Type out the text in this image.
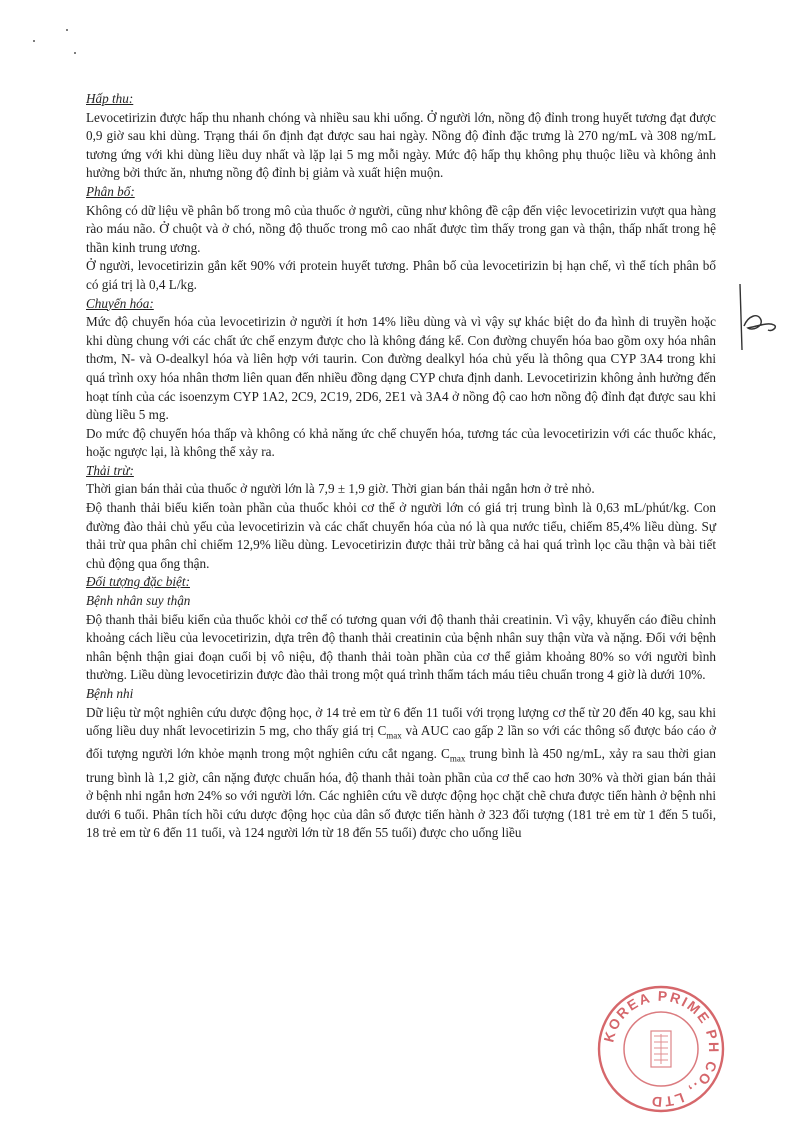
Hấp thu:

Levocetirizin được hấp thu nhanh chóng và nhiều sau khi uống. Ở người lớn, nồng độ đỉnh trong huyết tương đạt được 0,9 giờ sau khi dùng. Trạng thái ổn định đạt được sau hai ngày. Nồng độ đỉnh đặc trưng là 270 ng/mL và 308 ng/mL tương ứng với khi dùng liều duy nhất và lặp lại 5 mg mỗi ngày. Mức độ hấp thụ không phụ thuộc liều và không ảnh hưởng bởi thức ăn, nhưng nồng độ đỉnh bị giảm và xuất hiện muộn.

Phân bố:

Không có dữ liệu về phân bố trong mô của thuốc ở người, cũng như không đề cập đến việc levocetirizin vượt qua hàng rào máu não. Ở chuột và ở chó, nồng độ thuốc trong mô cao nhất được tìm thấy trong gan và thận, thấp nhất trong hệ thần kinh trung ương.

Ở người, levocetirizin gắn kết 90% với protein huyết tương. Phân bố của levocetirizin bị hạn chế, vì thể tích phân bố có giá trị là 0,4 L/kg.

Chuyển hóa:

Mức độ chuyển hóa của levocetirizin ở người ít hơn 14% liều dùng và vì vậy sự khác biệt do đa hình di truyền hoặc khi dùng chung với các chất ức chế enzym được cho là không đáng kể. Con đường chuyển hóa bao gồm oxy hóa nhân thơm, N- và O-dealkyl hóa và liên hợp với taurin. Con đường dealkyl hóa chủ yếu là thông qua CYP 3A4 trong khi quá trình oxy hóa nhân thơm liên quan đến nhiều đồng dạng CYP chưa định danh. Levocetirizin không ảnh hưởng đến hoạt tính của các isoenzym CYP 1A2, 2C9, 2C19, 2D6, 2E1 và 3A4 ở nồng độ cao hơn nồng độ đỉnh đạt được sau khi dùng liều 5 mg.

Do mức độ chuyển hóa thấp và không có khả năng ức chế chuyển hóa, tương tác của levocetirizin với các thuốc khác, hoặc ngược lại, là không thể xảy ra.

Thải trừ:

Thời gian bán thải của thuốc ở người lớn là 7,9 ± 1,9 giờ. Thời gian bán thải ngắn hơn ở trẻ nhỏ.

Độ thanh thải biểu kiến toàn phần của thuốc khỏi cơ thể ở người lớn có giá trị trung bình là 0,63 mL/phút/kg. Con đường đào thải chủ yếu của levocetirizin và các chất chuyển hóa của nó là qua nước tiểu, chiếm 85,4% liều dùng. Sự thải trừ qua phân chỉ chiếm 12,9% liều dùng. Levocetirizin được thải trừ bằng cả hai quá trình lọc cầu thận và bài tiết chủ động qua ống thận.

Đối tượng đặc biệt:
Bệnh nhân suy thận

Độ thanh thải biểu kiến của thuốc khỏi cơ thể có tương quan với độ thanh thải creatinin. Vì vậy, khuyến cáo điều chỉnh khoảng cách liều của levocetirizin, dựa trên độ thanh thải creatinin của bệnh nhân suy thận vừa và nặng. Đối với bệnh nhân bệnh thận giai đoạn cuối bị vô niệu, độ thanh thải toàn phần của cơ thể giảm khoảng 80% so với người bình thường. Liều dùng levocetirizin được đào thải trong một quá trình thẩm tách máu tiêu chuẩn trong 4 giờ là dưới 10%.

Bệnh nhi

Dữ liệu từ một nghiên cứu dược động học, ở 14 trẻ em từ 6 đến 11 tuổi với trọng lượng cơ thể từ 20 đến 40 kg, sau khi uống liều duy nhất levocetirizin 5 mg, cho thấy giá trị $C_{max}$ và AUC cao gấp 2 lần so với các thông số được báo cáo ở đối tượng người lớn khỏe mạnh trong một nghiên cứu cắt ngang. $C_{max}$ trung bình là 450 ng/mL, xảy ra sau thời gian trung bình là 1,2 giờ, cân nặng được chuẩn hóa, độ thanh thải toàn phần của cơ thể cao hơn 30% và thời gian bán thải ở bệnh nhi ngắn hơn 24% so với người lớn. Các nghiên cứu về dược động học chặt chẽ chưa được tiến hành ở bệnh nhi dưới 6 tuổi. Phân tích hồi cứu dược động học của dân số được tiến hành ở 323 đối tượng (181 trẻ em từ 1 đến 5 tuổi, 18 trẻ em từ 6 đến 11 tuổi, và 124 người lớn từ 18 đến 55 tuổi) được cho uống liều

KOREA PRIME PH CO., LTD
